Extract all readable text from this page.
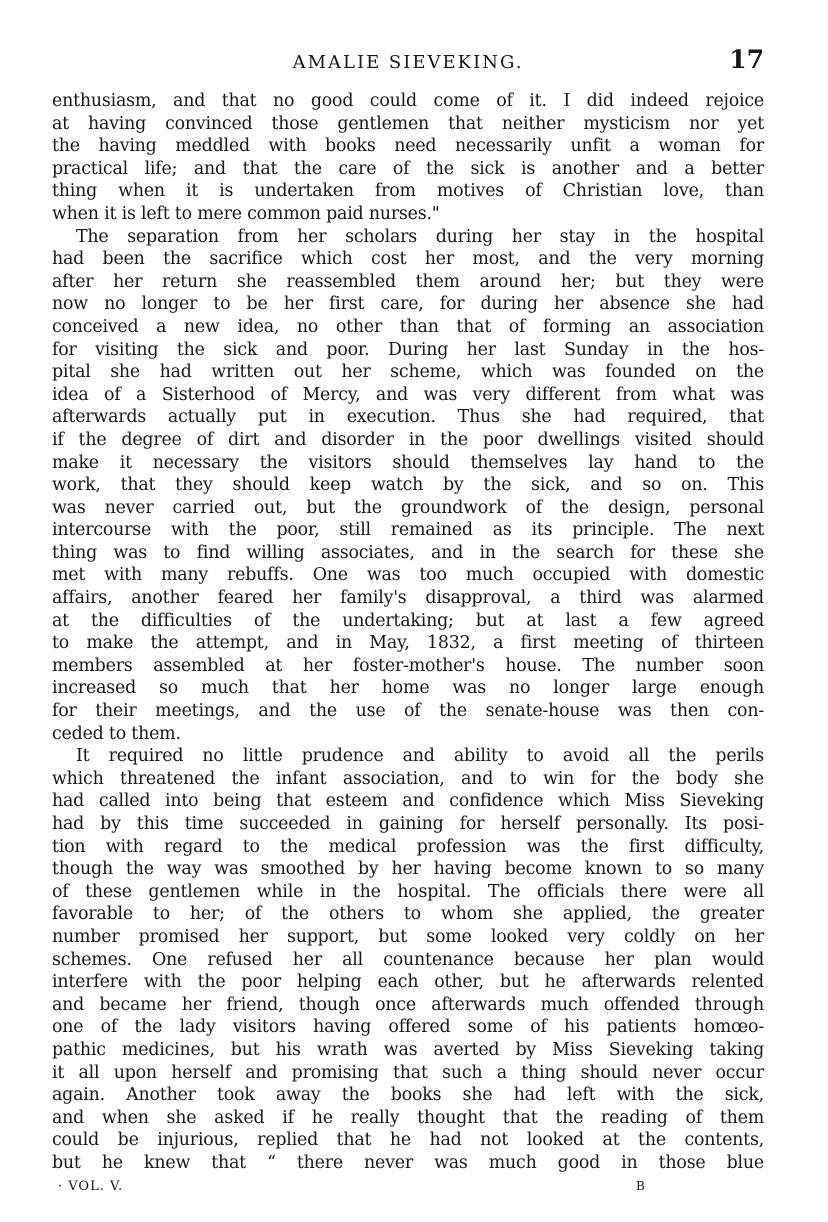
AMALIE SIEVEKING.	17
enthusiasm, and that no good could come of it. I did indeed rejoice
at having convinced those gentlemen that neither mysticism nor yet
the having meddled with books need necessarily unfit a woman for
practical life; and that the care of the sick is another and a better
thing when it is undertaken from motives of Christian love, than
when it is left to mere common paid nurses."
The separation from her scholars during her stay in the hospital
had been the sacrifice which cost her most, and the very morning
after her return she reassembled them around her; but they were
now no longer to be her first care, for during her absence she had
conceived a new idea, no other than that of forming an association
for visiting the sick and poor. During her last Sunday in the hos-
pital she had written out her scheme, which was founded on the
idea of a Sisterhood of Mercy, and was very different from what was
afterwards actually put in execution. Thus she had required, that
if the degree of dirt and disorder in the poor dwellings visited should
make it necessary the visitors should themselves lay hand to the
work, that they should keep watch by the sick, and so on. This
was never carried out, but the groundwork of the design, personal
intercourse with the poor, still remained as its principle. The next
thing was to find willing associates, and in the search for these she
met with many rebuffs. One was too much occupied with domestic
affairs, another feared her family's disapproval, a third was alarmed
at the difficulties of the undertaking; but at last a few agreed
to make the attempt, and in May, 1832, a first meeting of thirteen
members assembled at her foster-mother's house. The number soon
increased so much that her home was no longer large enough
for their meetings, and the use of the senate-house was then con-
ceded to them.
It required no little prudence and ability to avoid all the perils
which threatened the infant association, and to win for the body she
had called into being that esteem and confidence which Miss Sieveking
had by this time succeeded in gaining for herself personally. Its posi-
tion with regard to the medical profession was the first difficulty,
though the way was smoothed by her having become known to so many
of these gentlemen while in the hospital. The officials there were all
favorable to her; of the others to whom she applied, the greater
number promised her support, but some looked very coldly on her
schemes. One refused her all countenance because her plan would
interfere with the poor helping each other, but he afterwards relented
and became her friend, though once afterwards much offended through
one of the lady visitors having offered some of his patients homœo-
pathic medicines, but his wrath was averted by Miss Sieveking taking
it all upon herself and promising that such a thing should never occur
again. Another took away the books she had left with the sick,
and when she asked if he really thought that the reading of them
could be injurious, replied that he had not looked at the contents,
but he knew that “ there never was much good in those blue
· VOL. V.	B
